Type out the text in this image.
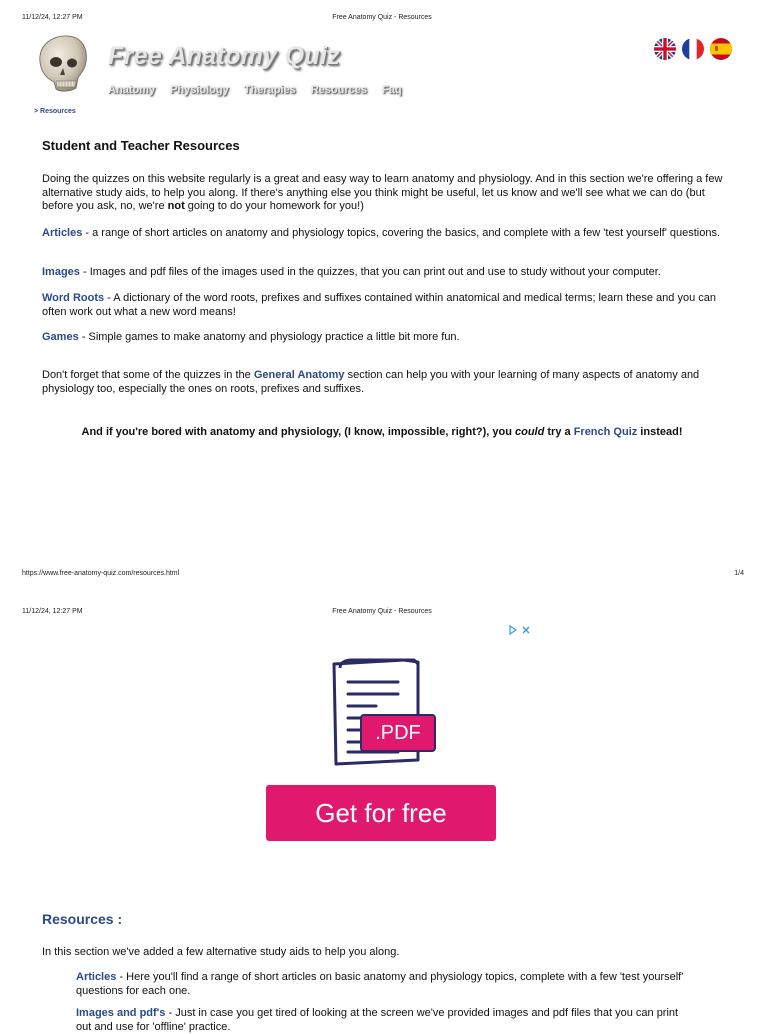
11/12/24, 12:27 PM	Free Anatomy Quiz - Resources
Free Anatomy Quiz
Anatomy Physiology Therapies Resources Faq
> Resources
Student and Teacher Resources
Doing the quizzes on this website regularly is a great and easy way to learn anatomy and physiology. And in this section we're offering a few alternative study aids, to help you along. If there's anything else you think might be useful, let us know and we'll see what we can do (but before you ask, no, we're not going to do your homework for you!)
Articles - a range of short articles on anatomy and physiology topics, covering the basics, and complete with a few 'test yourself' questions.
Images - Images and pdf files of the images used in the quizzes, that you can print out and use to study without your computer.
Word Roots - A dictionary of the word roots, prefixes and suffixes contained within anatomical and medical terms; learn these and you can often work out what a new word means!
Games - Simple games to make anatomy and physiology practice a little bit more fun.
Don't forget that some of the quizzes in the General Anatomy section can help you with your learning of many aspects of anatomy and physiology too, especially the ones on roots, prefixes and suffixes.
And if you're bored with anatomy and physiology, (I know, impossible, right?), you could try a French Quiz instead!
https://www.free-anatomy-quiz.com/resources.html	1/4
11/12/24, 12:27 PM	Free Anatomy Quiz - Resources
.PDF
Get for free
Resources :
In this section we've added a few alternative study aids to help you along.
Articles - Here you'll find a range of short articles on basic anatomy and physiology topics, complete with a few 'test yourself' questions for each one.
Images and pdf's - Just in case you get tired of looking at the screen we've provided images and pdf files that you can print out and use for 'offline' practice.
